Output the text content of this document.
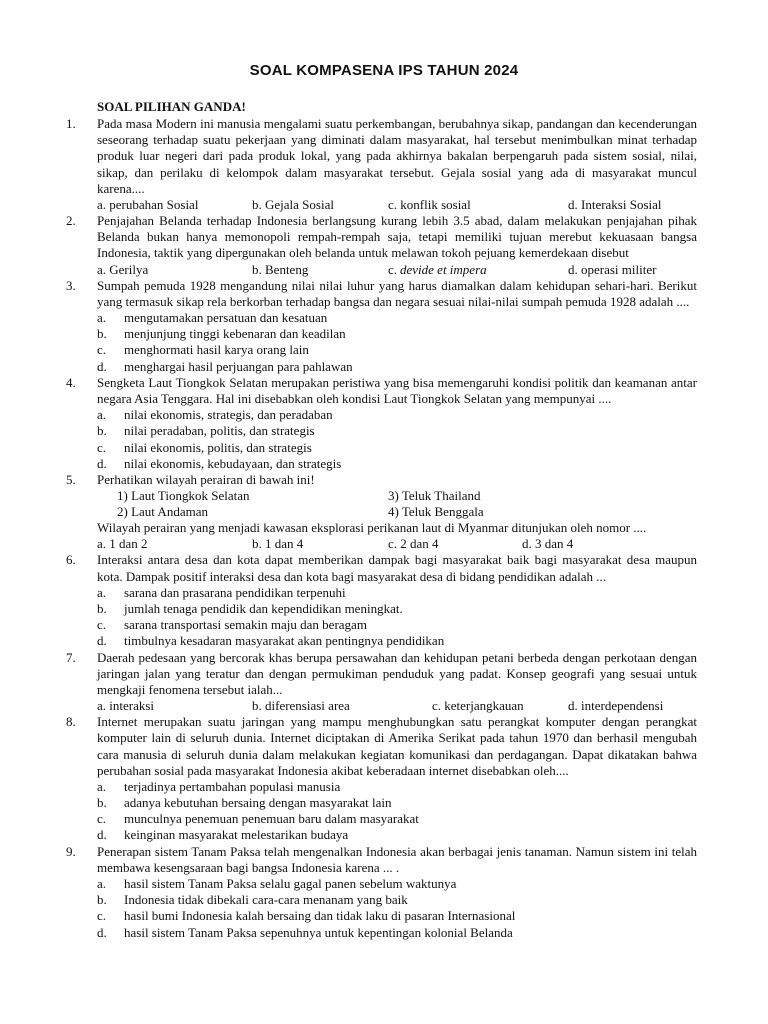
SOAL KOMPASENA IPS TAHUN 2024
SOAL PILIHAN GANDA!
1. Pada masa Modern ini manusia mengalami suatu perkembangan, berubahnya sikap, pandangan dan kecenderungan seseorang terhadap suatu pekerjaan yang diminati dalam masyarakat, hal tersebut menimbulkan minat terhadap produk luar negeri dari pada produk lokal, yang pada akhirnya bakalan berpengaruh pada sistem sosial, nilai, sikap, dan perilaku di kelompok dalam masyarakat tersebut. Gejala sosial yang ada di masyarakat muncul karena....
a. perubahan Sosial	b. Gejala Sosial	c. konflik sosial	d. Interaksi Sosial
2. Penjajahan Belanda terhadap Indonesia berlangsung kurang lebih 3.5 abad, dalam melakukan penjajahan pihak Belanda bukan hanya memonopoli rempah-rempah saja, tetapi memiliki tujuan merebut kekuasaan bangsa Indonesia, taktik yang dipergunakan oleh belanda untuk melawan tokoh pejuang kemerdekaan disebut
a. Gerilya	b. Benteng	c. devide et impera	d. operasi militer
3. Sumpah pemuda 1928 mengandung nilai nilai luhur yang harus diamalkan dalam kehidupan sehari-hari. Berikut yang termasuk sikap rela berkorban terhadap bangsa dan negara sesuai nilai-nilai sumpah pemuda 1928 adalah ....
a. mengutamakan persatuan dan kesatuan
b. menjunjung tinggi kebenaran dan keadilan
c. menghormati hasil karya orang lain
d. menghargai hasil perjuangan para pahlawan
4. Sengketa Laut Tiongkok Selatan merupakan peristiwa yang bisa memengaruhi kondisi politik dan keamanan antar negara Asia Tenggara. Hal ini disebabkan oleh kondisi Laut Tiongkok Selatan yang mempunyai ....
a. nilai ekonomis, strategis, dan peradaban
b. nilai peradaban, politis, dan strategis
c. nilai ekonomis, politis, dan strategis
d. nilai ekonomis, kebudayaan, dan strategis
5. Perhatikan wilayah perairan di bawah ini!
1) Laut Tiongkok Selatan	3) Teluk Thailand
2) Laut Andaman	4) Teluk Benggala
Wilayah perairan yang menjadi kawasan eksplorasi perikanan laut di Myanmar ditunjukan oleh nomor ....
a. 1 dan 2	b. 1 dan 4	c. 2 dan 4	d. 3 dan 4
6. Interaksi antara desa dan kota dapat memberikan dampak bagi masyarakat baik bagi masyarakat desa maupun kota. Dampak positif interaksi desa dan kota bagi masyarakat desa di bidang pendidikan adalah ...
a. sarana dan prasarana pendidikan terpenuhi
b. jumlah tenaga pendidik dan kependidikan meningkat.
c. sarana transportasi semakin maju dan beragam
d. timbulnya kesadaran masyarakat akan pentingnya pendidikan
7. Daerah pedesaan yang bercorak khas berupa persawahan dan kehidupan petani berbeda dengan perkotaan dengan jaringan jalan yang teratur dan dengan permukiman penduduk yang padat. Konsep geografi yang sesuai untuk mengkaji fenomena tersebut ialah...
a. interaksi	b. diferensiasi area	c. keterjangkauan	d. interdependensi
8. Internet merupakan suatu jaringan yang mampu menghubungkan satu perangkat komputer dengan perangkat komputer lain di seluruh dunia. Internet diciptakan di Amerika Serikat pada tahun 1970 dan berhasil mengubah cara manusia di seluruh dunia dalam melakukan kegiatan komunikasi dan perdagangan. Dapat dikatakan bahwa perubahan sosial pada masyarakat Indonesia akibat keberadaan internet disebabkan oleh....
a. terjadinya pertambahan populasi manusia
b. adanya kebutuhan bersaing dengan masyarakat lain
c. munculnya penemuan penemuan baru dalam masyarakat
d. keinginan masyarakat melestarikan budaya
9. Penerapan sistem Tanam Paksa telah mengenalkan Indonesia akan berbagai jenis tanaman. Namun sistem ini telah membawa kesengsaraan bagi bangsa Indonesia karena ... .
a. hasil sistem Tanam Paksa selalu gagal panen sebelum waktunya
b. Indonesia tidak dibekali cara-cara menanam yang baik
c. hasil bumi Indonesia kalah bersaing dan tidak laku di pasaran Internasional
d. hasil sistem Tanam Paksa sepenuhnya untuk kepentingan kolonial Belanda
